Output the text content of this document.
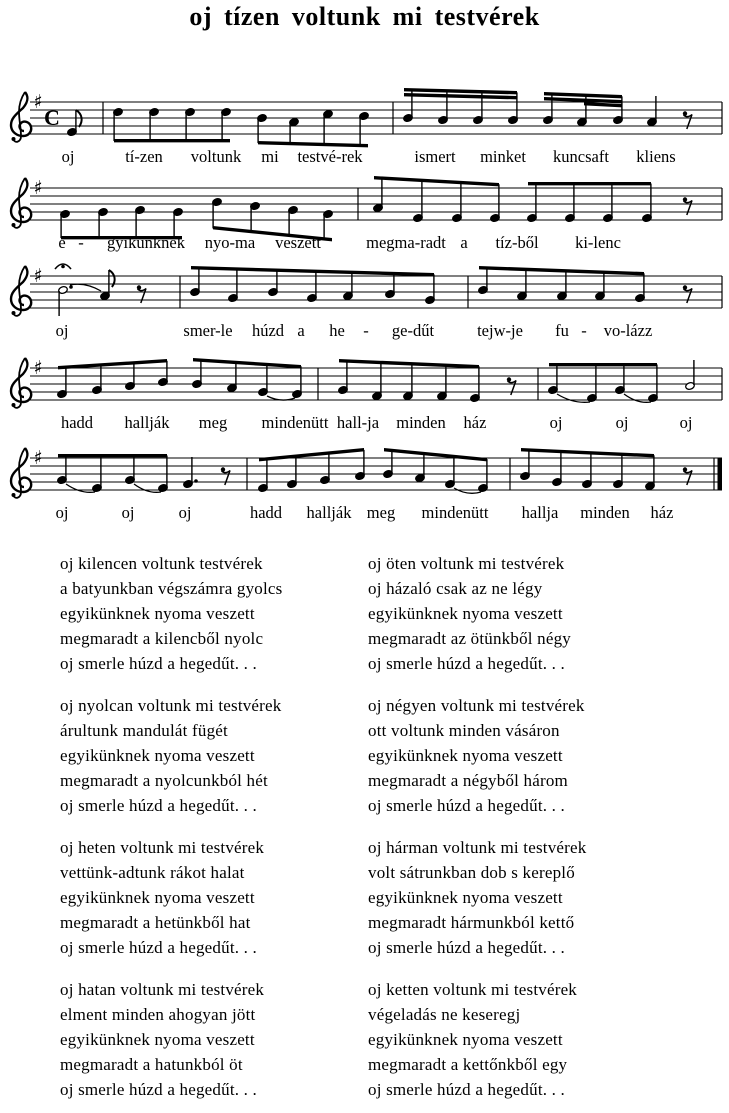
oj tízen voltunk mi testvérek
♯
C
oj	tí-zen voltunk mi testvé-rek	ismert minket kuncsaft kliens
♯
e - gyikünknek nyo-ma veszett	megma-radt a tíz-ből ki-lenc
♯
oj	smer-le húzd a he - ge-dűt	tejw-je fu - vo-lázz
♯
hadd hallják meg mindenütt hall-ja minden ház	oj	oj	oj
♯
oj	oj	oj	hadd hallják meg mindenütt hallja minden ház
oj kilencen voltunk testvérek
a batyunkban végszámra gyolcs
egyikünknek nyoma veszett
megmaradt a kilencből nyolc
oj smerle húzd a hegedűt. . .
oj nyolcan voltunk mi testvérek
árultunk mandulát fügét
egyikünknek nyoma veszett
megmaradt a nyolcunkból hét
oj smerle húzd a hegedűt. . .
oj heten voltunk mi testvérek
vettünk-adtunk rákot halat
egyikünknek nyoma veszett
megmaradt a hetünkből hat
oj smerle húzd a hegedűt. . .
oj hatan voltunk mi testvérek
elment minden ahogyan jött
egyikünknek nyoma veszett
megmaradt a hatunkból öt
oj smerle húzd a hegedűt. . .
oj öten voltunk mi testvérek
oj házaló csak az ne légy
egyikünknek nyoma veszett
megmaradt az ötünkből négy
oj smerle húzd a hegedűt. . .
oj négyen voltunk mi testvérek
ott voltunk minden vásáron
egyikünknek nyoma veszett
megmaradt a négyből három
oj smerle húzd a hegedűt. . .
oj hárman voltunk mi testvérek
volt sátrunkban dob s kereplő
egyikünknek nyoma veszett
megmaradt hármunkból kettő
oj smerle húzd a hegedűt. . .
oj ketten voltunk mi testvérek
végeladás ne keseregj
egyikünknek nyoma veszett
megmaradt a kettőnkből egy
oj smerle húzd a hegedűt. . .
